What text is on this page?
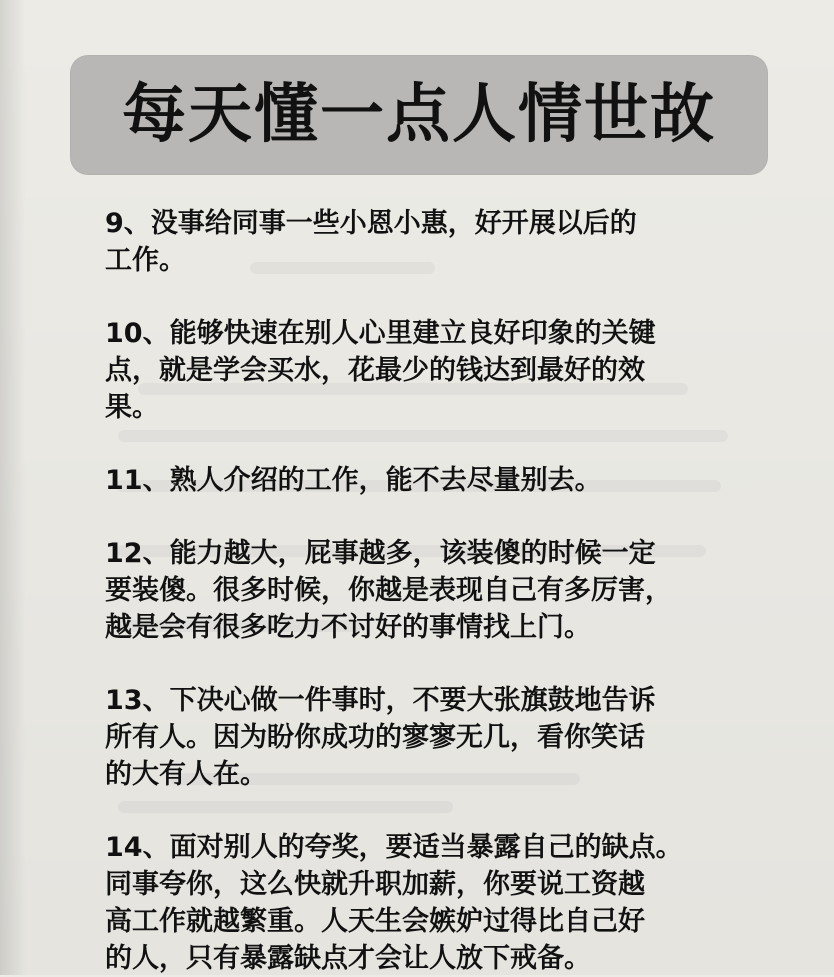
每天懂一点人情世故

9、没事给同事一些小恩小惠，好开展以后的
工作。

10、能够快速在别人心里建立良好印象的关键
点，就是学会买水，花最少的钱达到最好的效
果。

11、熟人介绍的工作，能不去尽量别去。

12、能力越大，屁事越多，该装傻的时候一定
要装傻。很多时候，你越是表现自己有多厉害，
越是会有很多吃力不讨好的事情找上门。

13、下决心做一件事时，不要大张旗鼓地告诉
所有人。因为盼你成功的寥寥无几，看你笑话
的大有人在。

14、面对别人的夸奖，要适当暴露自己的缺点。
同事夸你，这么快就升职加薪，你要说工资越
高工作就越繁重。人天生会嫉妒过得比自己好
的人，只有暴露缺点才会让人放下戒备。
